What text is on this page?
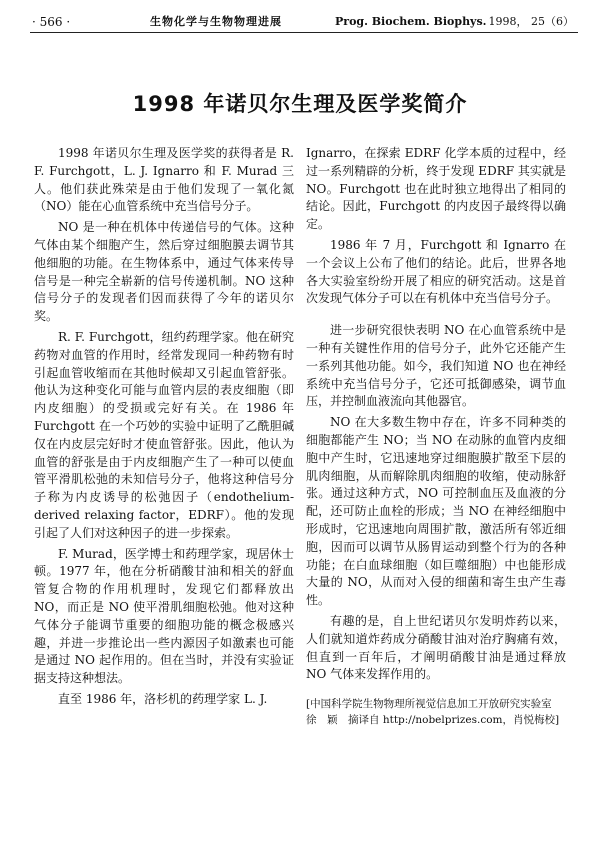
· 566 ·	生物化学与生物物理进展	Prog. Biochem. Biophys. 1998， 25（6）
1998 年诺贝尔生理及医学奖简介

1998 年诺贝尔生理及医学奖的获得者是 R. F. Furchgott，L. J. Ignarro 和 F. Murad 三人。他们获此殊荣是由于他们发现了一氧化氮（NO）能在心血管系统中充当信号分子。

NO 是一种在机体中传递信号的气体。这种气体由某个细胞产生，然后穿过细胞膜去调节其他细胞的功能。在生物体系中，通过气体来传导信号是一种完全崭新的信号传递机制。NO 这种信号分子的发现者们因而获得了今年的诺贝尔奖。

R. F. Furchgott，纽约药理学家。他在研究药物对血管的作用时，经常发现同一种药物有时引起血管收缩而在其他时候却又引起血管舒张。他认为这种变化可能与血管内层的表皮细胞（即内皮细胞）的受损或完好有关。在 1986 年 Furchgott 在一个巧妙的实验中证明了乙酰胆碱仅在内皮层完好时才使血管舒张。因此，他认为血管的舒张是由于内皮细胞产生了一种可以使血管平滑肌松弛的未知信号分子，他将这种信号分子称为内皮诱导的松弛因子（endothelium-derived relaxing factor，EDRF）。他的发现引起了人们对这种因子的进一步探索。

F. Murad，医学博士和药理学家，现居休士顿。1977 年，他在分析硝酸甘油和相关的舒血管复合物的作用机理时，发现它们都释放出 NO，而正是 NO 使平滑肌细胞松弛。他对这种气体分子能调节重要的细胞功能的概念极感兴趣，并进一步推论出一些内源因子如激素也可能是通过 NO 起作用的。但在当时，并没有实验证据支持这种想法。

直至 1986 年，洛杉机的药理学家 L. J.

Ignarro，在探索 EDRF 化学本质的过程中，经过一系列精辟的分析，终于发现 EDRF 其实就是 NO。Furchgott 也在此时独立地得出了相同的结论。因此，Furchgott 的内皮因子最终得以确定。

1986 年 7 月，Furchgott 和 Ignarro 在一个会议上公布了他们的结论。此后，世界各地各大实验室纷纷开展了相应的研究活动。这是首次发现气体分子可以在有机体中充当信号分子。

进一步研究很快表明 NO 在心血管系统中是一种有关键性作用的信号分子，此外它还能产生一系列其他功能。如今，我们知道 NO 也在神经系统中充当信号分子，它还可抵御感染，调节血压，并控制血液流向其他器官。

NO 在大多数生物中存在，许多不同种类的细胞都能产生 NO；当 NO 在动脉的血管内皮细胞中产生时，它迅速地穿过细胞膜扩散至下层的肌肉细胞，从而解除肌肉细胞的收缩，使动脉舒张。通过这种方式，NO 可控制血压及血液的分配，还可防止血栓的形成；当 NO 在神经细胞中形成时，它迅速地向周围扩散，激活所有邻近细胞，因而可以调节从肠胃运动到整个行为的各种功能；在白血球细胞（如巨噬细胞）中也能形成大量的 NO，从而对入侵的细菌和寄生虫产生毒性。

有趣的是，自上世纪诺贝尔发明炸药以来，人们就知道炸药成分硝酸甘油对治疗胸痛有效，但直到一百年后，才阐明硝酸甘油是通过释放 NO 气体来发挥作用的。

[中国科学院生物物理所视觉信息加工开放研究实验室
徐　颖　摘译自 http://nobelprizes.com，肖悦梅校]
